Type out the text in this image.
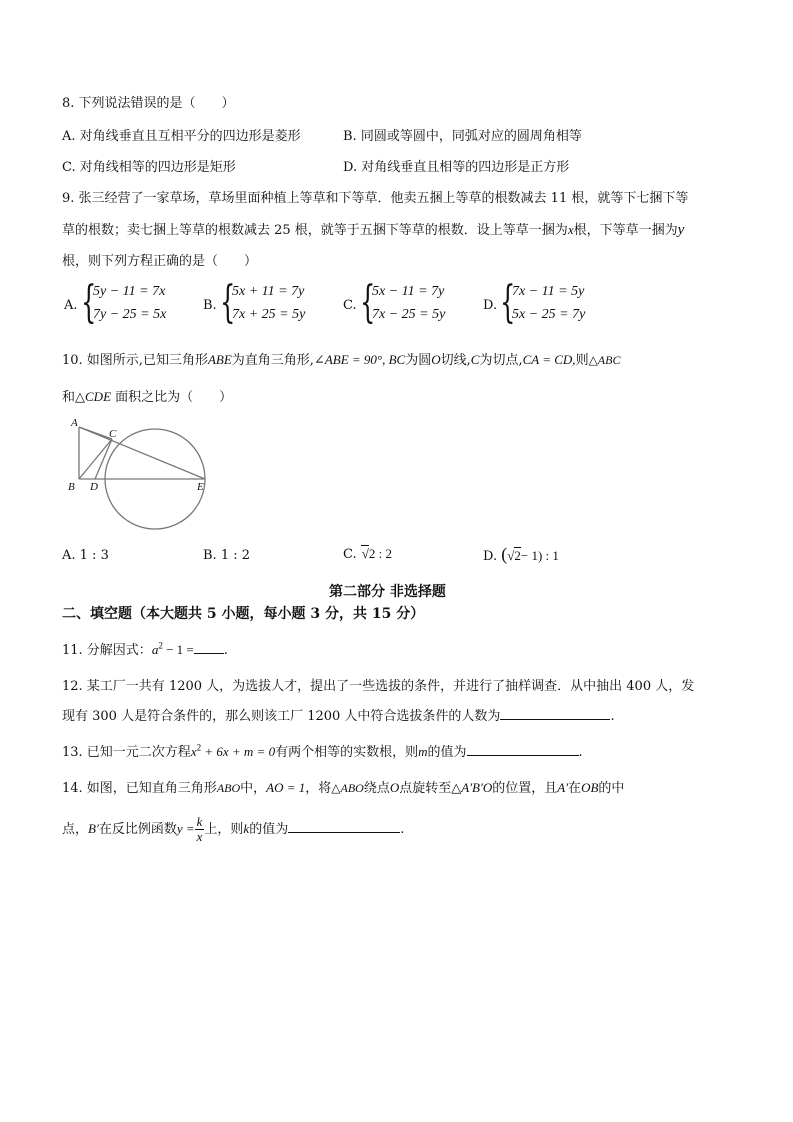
8. 下列说法错误的是（　　）
A. 对角线垂直且互相平分的四边形是菱形	B. 同圆或等圆中，同弧对应的圆周角相等
C. 对角线相等的四边形是矩形	D. 对角线垂直且相等的四边形是正方形
9. 张三经营了一家草场，草场里面种植上等草和下等草．他卖五捆上等草的根数减去 11 根，就等下七捆下等
草的根数；卖七捆上等草的根数减去 25 根，就等于五捆下等草的根数．设上等草一捆为x根，下等草一捆为y
根，则下列方程正确的是（　　）
A. {
5y − 11 = 7x
7y − 25 = 5x
B. {
5x + 11 = 7y
7x + 25 = 5y
C. {
5x − 11 = 7y
7x − 25 = 5y
D. {
7x − 11 = 5y
5x − 25 = 7y
10. 如图所示,已知三角形ABE为直角三角形,∠ABE = 90°, BC为圆O切线,C为切点,CA = CD,则△ABC
和△CDE 面积之比为（　　）
A
C
B D	E
A. 1 : 3	B. 1 : 2	C. √2 : 2	D. (√2− 1) : 1
第二部分 非选择题
二、填空题（本大题共 5 小题，每小题 3 分，共 15 分）
11. 分解因式：$a^2 - 1$ = .
12. 某工厂一共有 1200 人，为选拔人才，提出了一些选拔的条件，并进行了抽样调查．从中抽出 400 人，发
现有 300 人是符合条件的，那么则该工厂 1200 人中符合选拔条件的人数为	.
13. 已知一元二次方程$x^2 + 6x + m = 0$有两个相等的实数根，则m的值为	.
14. 如图，已知直角三角形ABO中，AO = 1，将△ABO绕点O点旋转至△A′B′O的位置，且A′在OB的中
点，B′在反比例函数$y = \frac{k}{x}$ 上，则k的值为	.
